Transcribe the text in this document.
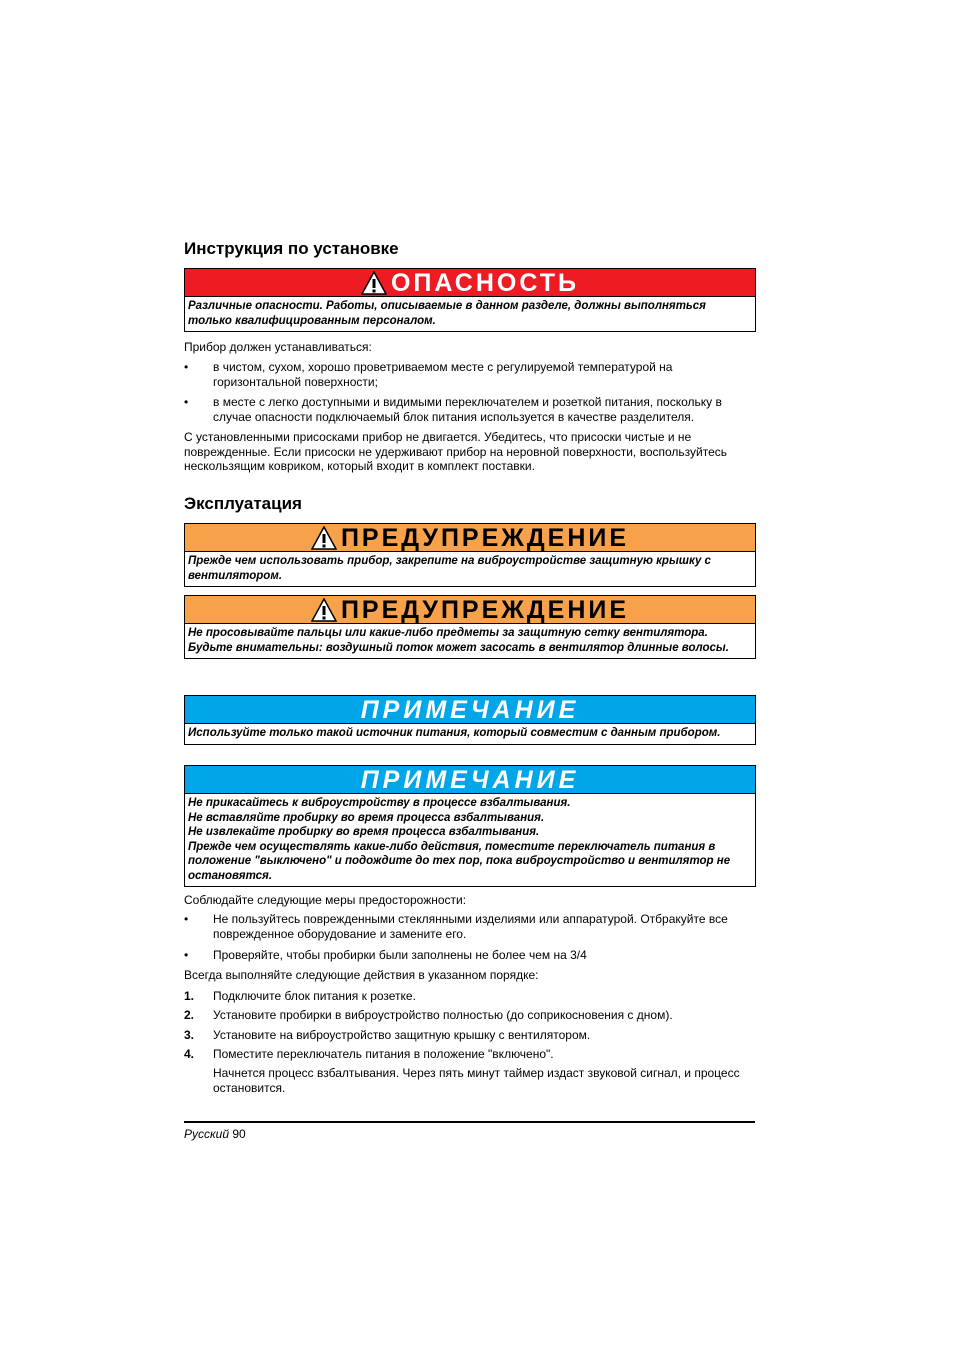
Инструкция по установке
ОПАСНОСТЬ

Различные опасности. Работы, описываемые в данном разделе, должны выполняться только квалифицированным персоналом.

Прибор должен устанавливаться:

• в чистом, сухом, хорошо проветриваемом месте с регулируемой температурой на горизонтальной поверхности;
• в месте с легко доступными и видимыми переключателем и розеткой питания, поскольку в случае опасности подключаемый блок питания используется в качестве разделителя.

С установленными присосками прибор не двигается. Убедитесь, что присоски чистые и не поврежденные. Если присоски не удерживают прибор на неровной поверхности, воспользуйтесь нескользящим ковриком, который входит в комплект поставки.

Эксплуатация
ПРЕДУПРЕЖДЕНИЕ

Прежде чем использовать прибор, закрепите на виброустройстве защитную крышку с вентилятором.

ПРЕДУПРЕЖДЕНИЕ

Не просовывайте пальцы или какие-либо предметы за защитную сетку вентилятора.

Будьте внимательны: воздушный поток может засосать в вентилятор длинные волосы.

ПРИМЕЧАНИЕ

Используйте только такой источник питания, который совместим с данным прибором.

ПРИМЕЧАНИЕ

Не прикасайтесь к виброустройству в процессе взбалтывания.

Не вставляйте пробирку во время процесса взбалтывания.

Не извлекайте пробирку во время процесса взбалтывания.

Прежде чем осуществлять какие-либо действия, поместите переключатель питания в положение "выключено" и подождите до тех пор, пока виброустройство и вентилятор не остановятся.

Соблюдайте следующие меры предосторожности:

• Не пользуйтесь поврежденными стеклянными изделиями или аппаратурой. Отбракуйте все поврежденное оборудование и замените его.
• Проверяйте, чтобы пробирки были заполнены не более чем на 3/4

Всегда выполняйте следующие действия в указанном порядке:

1. Подключите блок питания к розетке.
2. Установите пробирки в виброустройство полностью (до соприкосновения с дном).
3. Установите на виброустройство защитную крышку с вентилятором.
4. Поместите переключатель питания в положение "включено".
Начнется процесс взбалтывания. Через пять минут таймер издаст звуковой сигнал, и процесс остановится.
Русский 90
